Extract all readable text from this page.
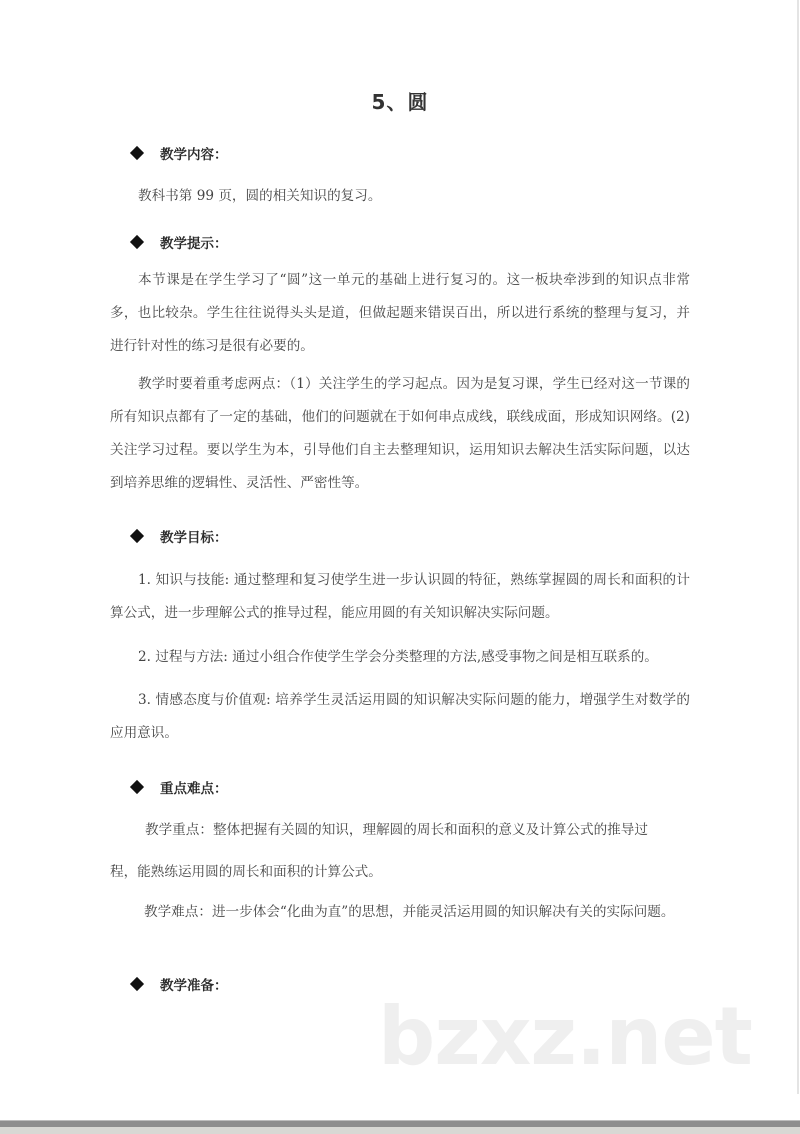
5、圆
教学内容：
教科书第 99 页，圆的相关知识的复习。
教学提示：
本节课是在学生学习了“圆”这一单元的基础上进行复习的。这一板块牵涉到的知识点非常多，也比较杂。学生往往说得头头是道，但做起题来错误百出，所以进行系统的整理与复习，并进行针对性的练习是很有必要的。
教学时要着重考虑两点：（1）关注学生的学习起点。因为是复习课，学生已经对这一节课的所有知识点都有了一定的基础，他们的问题就在于如何串点成线，联线成面，形成知识网络。(2) 关注学习过程。要以学生为本，引导他们自主去整理知识，运用知识去解决生活实际问题，以达到培养思维的逻辑性、灵活性、严密性等。
教学目标：
1. 知识与技能: 通过整理和复习使学生进一步认识圆的特征，熟练掌握圆的周长和面积的计算公式，进一步理解公式的推导过程，能应用圆的有关知识解决实际问题。
2. 过程与方法: 通过小组合作使学生学会分类整理的方法,感受事物之间是相互联系的。
3. 情感态度与价值观: 培养学生灵活运用圆的知识解决实际问题的能力，增强学生对数学的应用意识。
重点难点：
教学重点：整体把握有关圆的知识，理解圆的周长和面积的意义及计算公式的推导过
程，能熟练运用圆的周长和面积的计算公式。
教学难点：进一步体会“化曲为直”的思想，并能灵活运用圆的知识解决有关的实际问题。
教学准备：
bzxz.net
